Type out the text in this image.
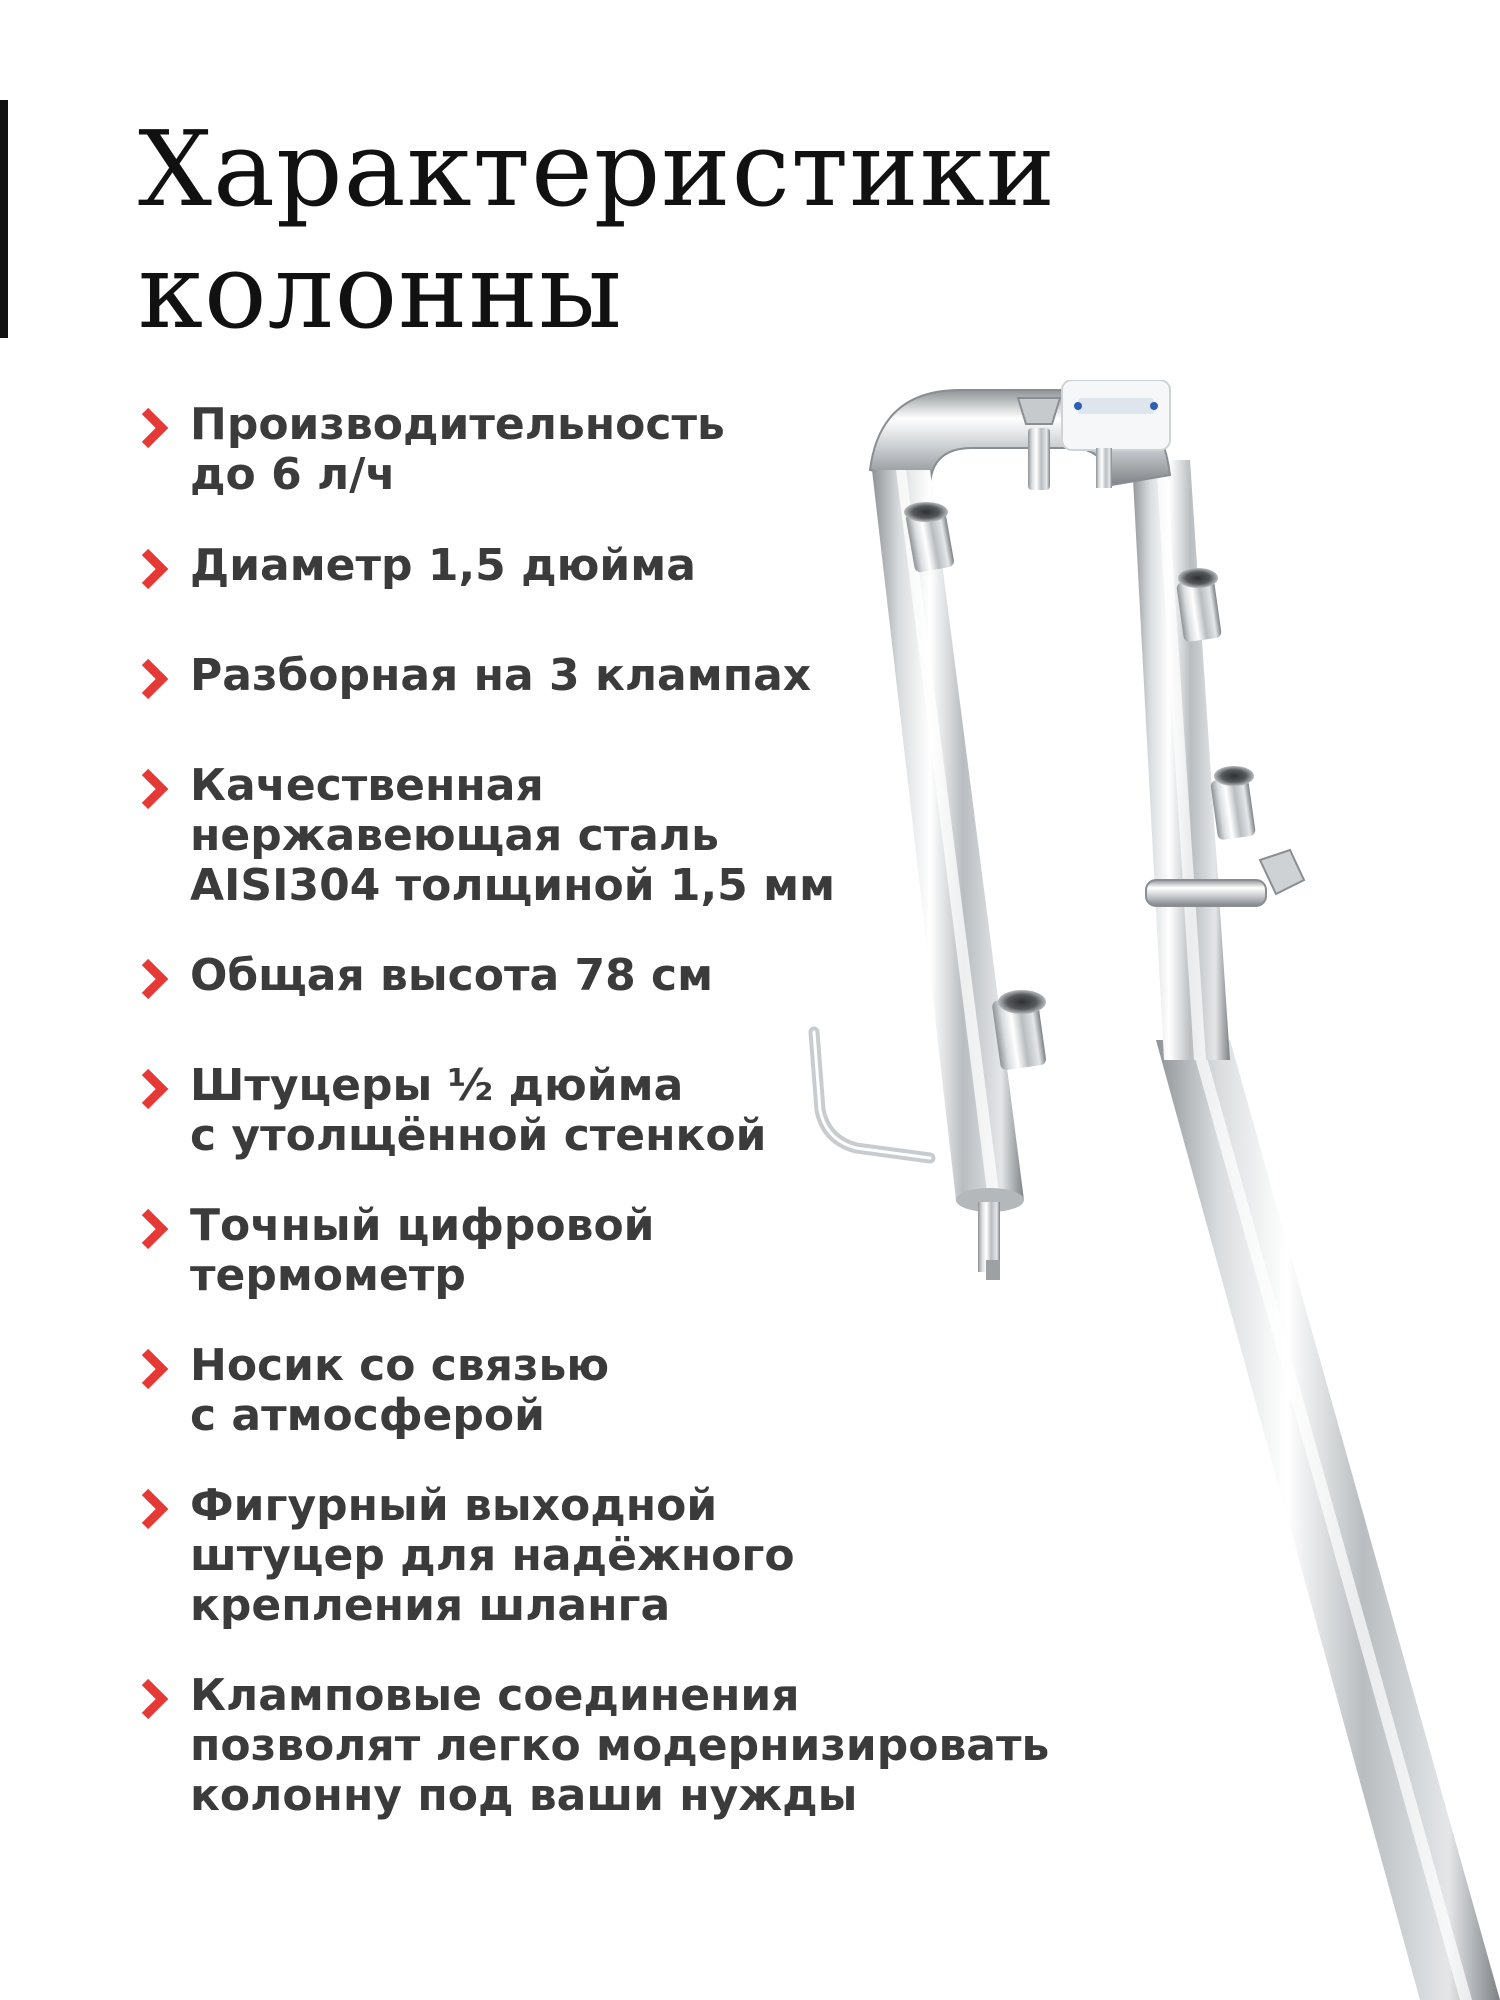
Характеристики колонны
Производительность
до 6 л/ч
Диаметр 1,5 дюйма
Разборная на 3 клампах
Качественная
нержавеющая сталь
AISI304 толщиной 1,5 мм
Общая высота 78 см
Штуцеры ½ дюйма
с утолщённой стенкой
Точный цифровой
термометр
Носик со связью
с атмосферой
Фигурный выходной
штуцер для надёжного
крепления шланга
Кламповые соединения
позволят легко модернизировать
колонну под ваши нужды
